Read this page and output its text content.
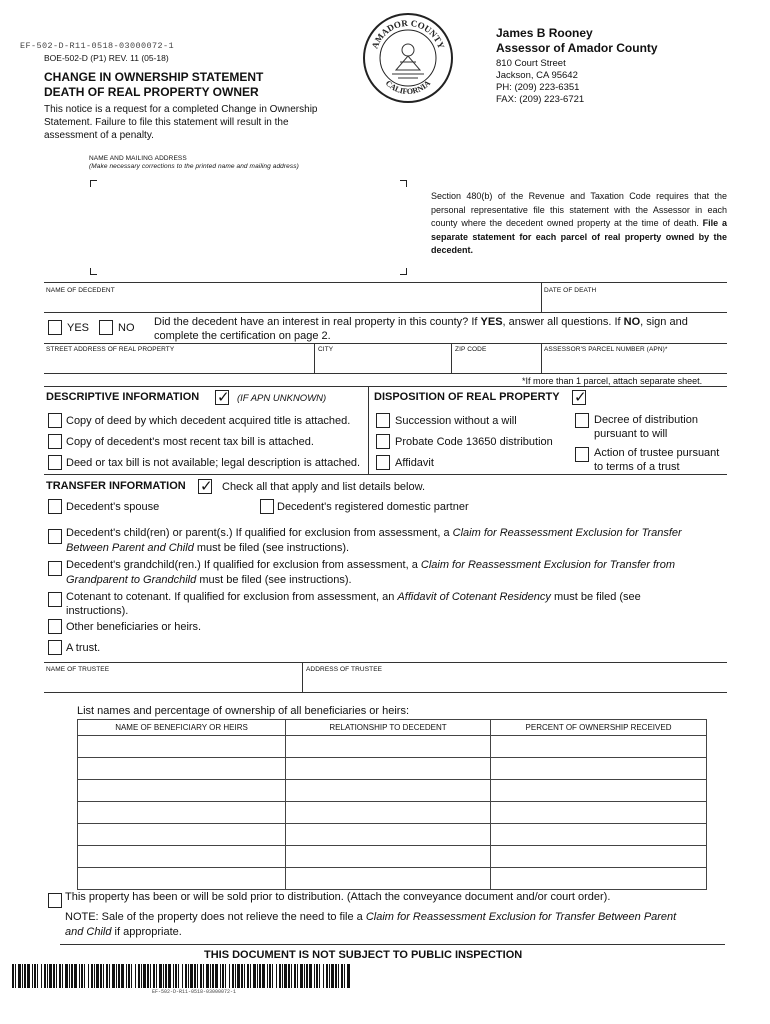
EF-502-D-R11-0518-03000072-1
BOE-502-D (P1) REV. 11 (05-18)
CHANGE IN OWNERSHIP STATEMENT
DEATH OF REAL PROPERTY OWNER
This notice is a request for a completed Change in Ownership Statement. Failure to file this statement will result in the assessment of a penalty.
AMADOR COUNTY
CALIFORNIA
James B Rooney
Assessor of Amador County
810 Court Street
Jackson, CA 95642
PH: (209) 223-6351
FAX: (209) 223-6721
NAME AND MAILING ADDRESS
(Make necessary corrections to the printed name and mailing address)
Section 480(b) of the Revenue and Taxation Code requires that the personal representative file this statement with the Assessor in each county where the decedent owned property at the time of death. File a separate statement for each parcel of real property owned by the decedent.
NAME OF DECEDENT	DATE OF DEATH
YES	NO Did the decedent have an interest in real property in this county? If YES, answer all questions. If NO, sign and
complete the certification on page 2.
STREET ADDRESS OF REAL PROPERTY	CITY	ZIP CODE	ASSESSOR'S PARCEL NUMBER (APN)*
*If more than 1 parcel, attach separate sheet.
DESCRIPTIVE INFORMATION ✓	(IF APN UNKNOWN)
Copy of deed by which decedent acquired title is attached.
Copy of decedent's most recent tax bill is attached.
Deed or tax bill is not available; legal description is attached.
DISPOSITION OF REAL PROPERTY
✓
Succession without a will
Probate Code 13650 distribution
Affidavit
Decree of distribution
pursuant to will
Action of trustee pursuant
to terms of a trust
TRANSFER INFORMATION ✓	Check all that apply and list details below.
Decedent's spouse	Decedent's registered domestic partner
Decedent's child(ren) or parent(s.) If qualified for exclusion from assessment, a Claim for Reassessment Exclusion for Transfer
Between Parent and Child must be filed (see instructions).
Decedent's grandchild(ren.) If qualified for exclusion from assessment, a Claim for Reassessment Exclusion for Transfer from
Grandparent to Grandchild must be filed (see instructions).
Cotenant to cotenant. If qualified for exclusion from assessment, an Affidavit of Cotenant Residency must be filed (see
instructions).
Other beneficiaries or heirs.
A trust.
NAME OF TRUSTEE	ADDRESS OF TRUSTEE
List names and percentage of ownership of all beneficiaries or heirs:
NAME OF BENEFICIARY OR HEIRS	RELATIONSHIP TO DECEDENT	PERCENT OF OWNERSHIP RECEIVED

This property has been or will be sold prior to distribution. (Attach the conveyance document and/or court order).
NOTE: Sale of the property does not relieve the need to file a Claim for Reassessment Exclusion for Transfer Between Parent
and Child if appropriate.
THIS DOCUMENT IS NOT SUBJECT TO PUBLIC INSPECTION
EF-502-D-R11-0518-03000072-1
